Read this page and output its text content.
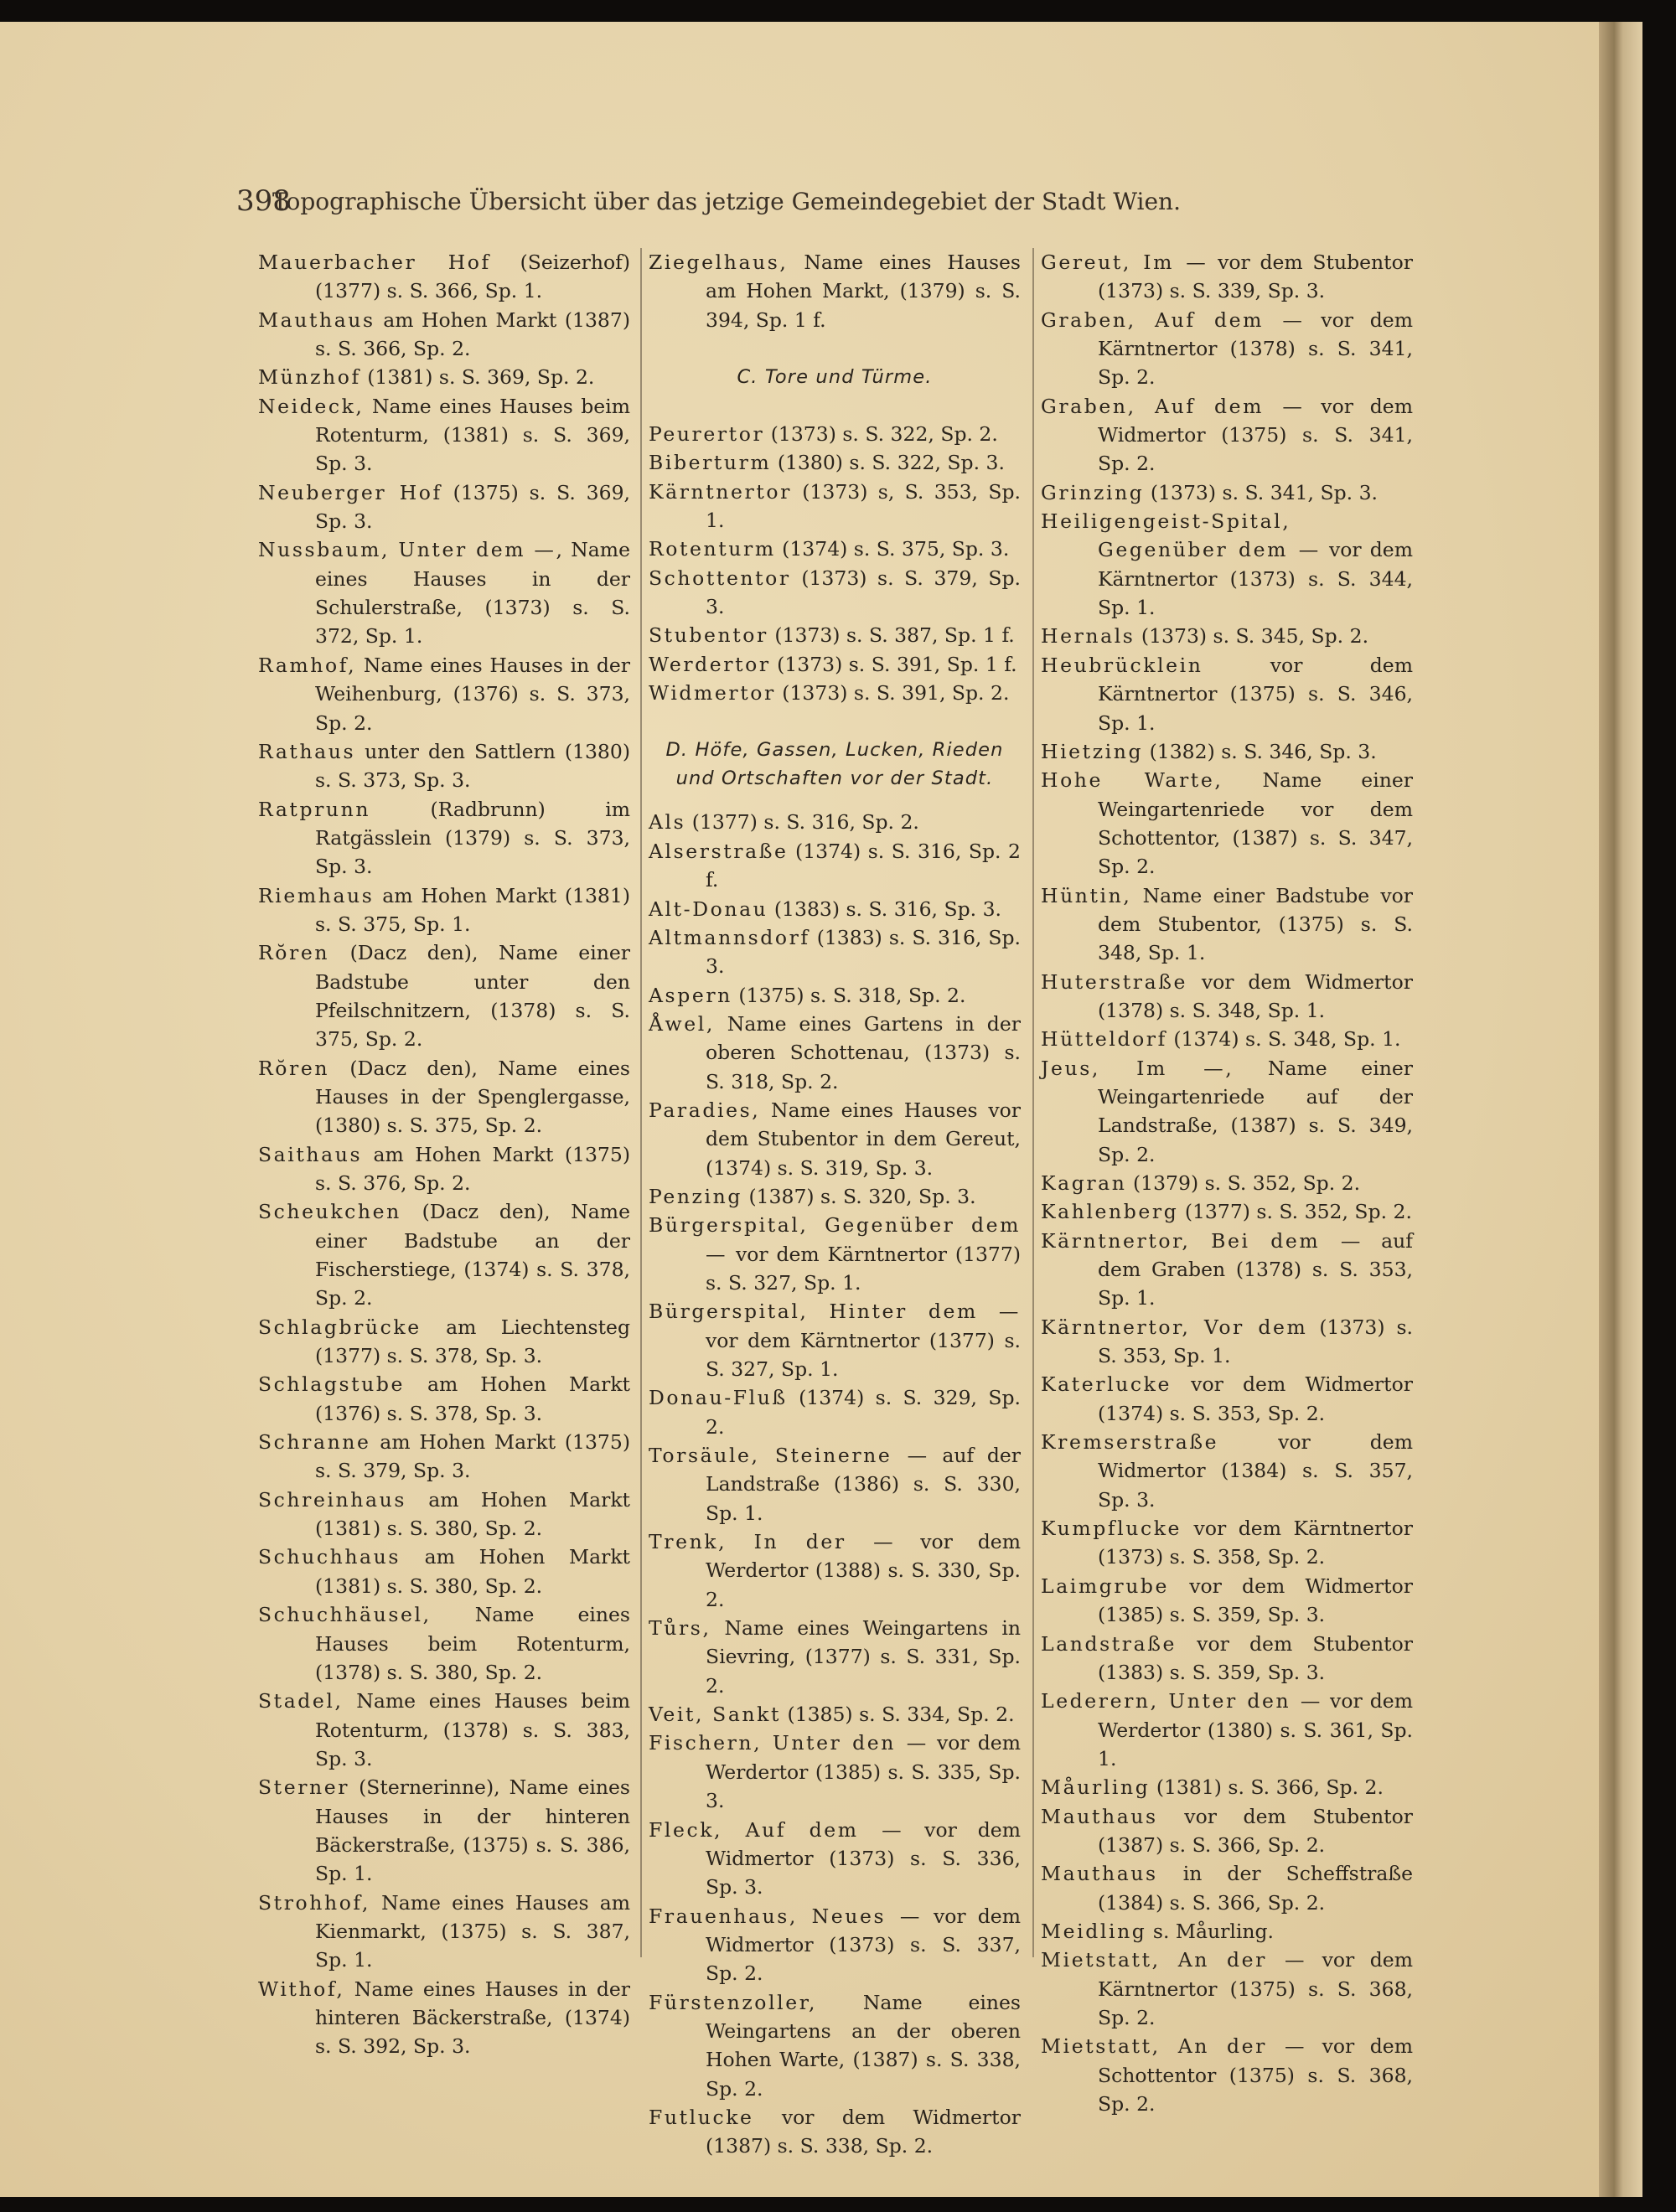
398
Topographische Übersicht über das jetzige Gemeindegebiet der Stadt Wien.

Mauerbacher Hof (Seizerhof) (1377) s. S. 366, Sp. 1.

Mauthaus am Hohen Markt (1387) s. S. 366, Sp. 2.

Münzhof (1381) s. S. 369, Sp. 2.

Neideck, Name eines Hauses beim Rotenturm, (1381) s. S. 369, Sp. 3.

Neuberger Hof (1375) s. S. 369, Sp. 3.

Nussbaum, Unter dem —, Name eines Hauses in der Schulerstraße, (1373) s. S. 372, Sp. 1.

Ramhof, Name eines Hauses in der Weihenburg, (1376) s. S. 373, Sp. 2.

Rathaus unter den Sattlern (1380) s. S. 373, Sp. 3.

Ratprunn (Radbrunn) im Ratgässlein (1379) s. S. 373, Sp. 3.

Riemhaus am Hohen Markt (1381) s. S. 375, Sp. 1.

Rŏren (Dacz den), Name einer Badstube unter den Pfeilschnitzern, (1378) s. S. 375, Sp. 2.

Rŏren (Dacz den), Name eines Hauses in der Spenglergasse, (1380) s. S. 375, Sp. 2.

Saithaus am Hohen Markt (1375) s. S. 376, Sp. 2.

Scheukchen (Dacz den), Name einer Badstube an der Fischerstiege, (1374) s. S. 378, Sp. 2.

Schlagbrücke am Liechtensteg (1377) s. S. 378, Sp. 3.

Schlagstube am Hohen Markt (1376) s. S. 378, Sp. 3.

Schranne am Hohen Markt (1375) s. S. 379, Sp. 3.

Schreinhaus am Hohen Markt (1381) s. S. 380, Sp. 2.

Schuchhaus am Hohen Markt (1381) s. S. 380, Sp. 2.

Schuchhäusel, Name eines Hauses beim Rotenturm, (1378) s. S. 380, Sp. 2.

Stadel, Name eines Hauses beim Rotenturm, (1378) s. S. 383, Sp. 3.

Sterner (Sternerinne), Name eines Hauses in der hinteren Bäckerstraße, (1375) s. S. 386, Sp. 1.

Strohhof, Name eines Hauses am Kienmarkt, (1375) s. S. 387, Sp. 1.

Withof, Name eines Hauses in der hinteren Bäckerstraße, (1374) s. S. 392, Sp. 3.

Ziegelhaus, Name eines Hauses am Hohen Markt, (1379) s. S. 394, Sp. 1 f.

C. Tore und Türme.

Peurertor (1373) s. S. 322, Sp. 2.

Biberturm (1380) s. S. 322, Sp. 3.

Kärntnertor (1373) s, S. 353, Sp. 1.

Rotenturm (1374) s. S. 375, Sp. 3.

Schottentor (1373) s. S. 379, Sp. 3.

Stubentor (1373) s. S. 387, Sp. 1 f.

Werdertor (1373) s. S. 391, Sp. 1 f.

Widmertor (1373) s. S. 391, Sp. 2.

D. Höfe, Gassen, Lucken, Rieden und Ortschaften vor der Stadt.

Als (1377) s. S. 316, Sp. 2.

Alserstraße (1374) s. S. 316, Sp. 2 f.

Alt-Donau (1383) s. S. 316, Sp. 3.

Altmannsdorf (1383) s. S. 316, Sp. 3.

Aspern (1375) s. S. 318, Sp. 2.

Åwel, Name eines Gartens in der oberen Schottenau, (1373) s. S. 318, Sp. 2.

Paradies, Name eines Hauses vor dem Stubentor in dem Gereut, (1374) s. S. 319, Sp. 3.

Penzing (1387) s. S. 320, Sp. 3.

Bürgerspital, Gegenüber dem — vor dem Kärntnertor (1377) s. S. 327, Sp. 1.

Bürgerspital, Hinter dem — vor dem Kärntnertor (1377) s. S. 327, Sp. 1.

Donau-Fluß (1374) s. S. 329, Sp. 2.

Torsäule, Steinerne — auf der Landstraße (1386) s. S. 330, Sp. 1.

Trenk, In der — vor dem Werdertor (1388) s. S. 330, Sp. 2.

Tůrs, Name eines Weingartens in Sievring, (1377) s. S. 331, Sp. 2.

Veit, Sankt (1385) s. S. 334, Sp. 2.

Fischern, Unter den — vor dem Werdertor (1385) s. S. 335, Sp. 3.

Fleck, Auf dem — vor dem Widmertor (1373) s. S. 336, Sp. 3.

Frauenhaus, Neues — vor dem Widmertor (1373) s. S. 337, Sp. 2.

Fürstenzoller, Name eines Weingartens an der oberen Hohen Warte, (1387) s. S. 338, Sp. 2.

Futlucke vor dem Widmertor (1387) s. S. 338, Sp. 2.

Gereut, Im — vor dem Stubentor (1373) s. S. 339, Sp. 3.

Graben, Auf dem — vor dem Kärntnertor (1378) s. S. 341, Sp. 2.

Graben, Auf dem — vor dem Widmertor (1375) s. S. 341, Sp. 2.

Grinzing (1373) s. S. 341, Sp. 3.

Heiligengeist-Spital, Gegenüber dem — vor dem Kärntnertor (1373) s. S. 344, Sp. 1.

Hernals (1373) s. S. 345, Sp. 2.

Heubrücklein vor dem Kärntnertor (1375) s. S. 346, Sp. 1.

Hietzing (1382) s. S. 346, Sp. 3.

Hohe Warte, Name einer Weingartenriede vor dem Schottentor, (1387) s. S. 347, Sp. 2.

Hüntin, Name einer Badstube vor dem Stubentor, (1375) s. S. 348, Sp. 1.

Huterstraße vor dem Widmertor (1378) s. S. 348, Sp. 1.

Hütteldorf (1374) s. S. 348, Sp. 1.

Jeus, Im —, Name einer Weingartenriede auf der Landstraße, (1387) s. S. 349, Sp. 2.

Kagran (1379) s. S. 352, Sp. 2.

Kahlenberg (1377) s. S. 352, Sp. 2.

Kärntnertor, Bei dem — auf dem Graben (1378) s. S. 353, Sp. 1.

Kärntnertor, Vor dem (1373) s. S. 353, Sp. 1.

Katerlucke vor dem Widmertor (1374) s. S. 353, Sp. 2.

Kremserstraße vor dem Widmertor (1384) s. S. 357, Sp. 3.

Kumpflucke vor dem Kärntnertor (1373) s. S. 358, Sp. 2.

Laimgrube vor dem Widmertor (1385) s. S. 359, Sp. 3.

Landstraße vor dem Stubentor (1383) s. S. 359, Sp. 3.

Lederern, Unter den — vor dem Werdertor (1380) s. S. 361, Sp. 1.

Måurling (1381) s. S. 366, Sp. 2.

Mauthaus vor dem Stubentor (1387) s. S. 366, Sp. 2.

Mauthaus in der Scheffstraße (1384) s. S. 366, Sp. 2.

Meidling s. Måurling.

Mietstatt, An der — vor dem Kärntnertor (1375) s. S. 368, Sp. 2.

Mietstatt, An der — vor dem Schottentor (1375) s. S. 368, Sp. 2.
